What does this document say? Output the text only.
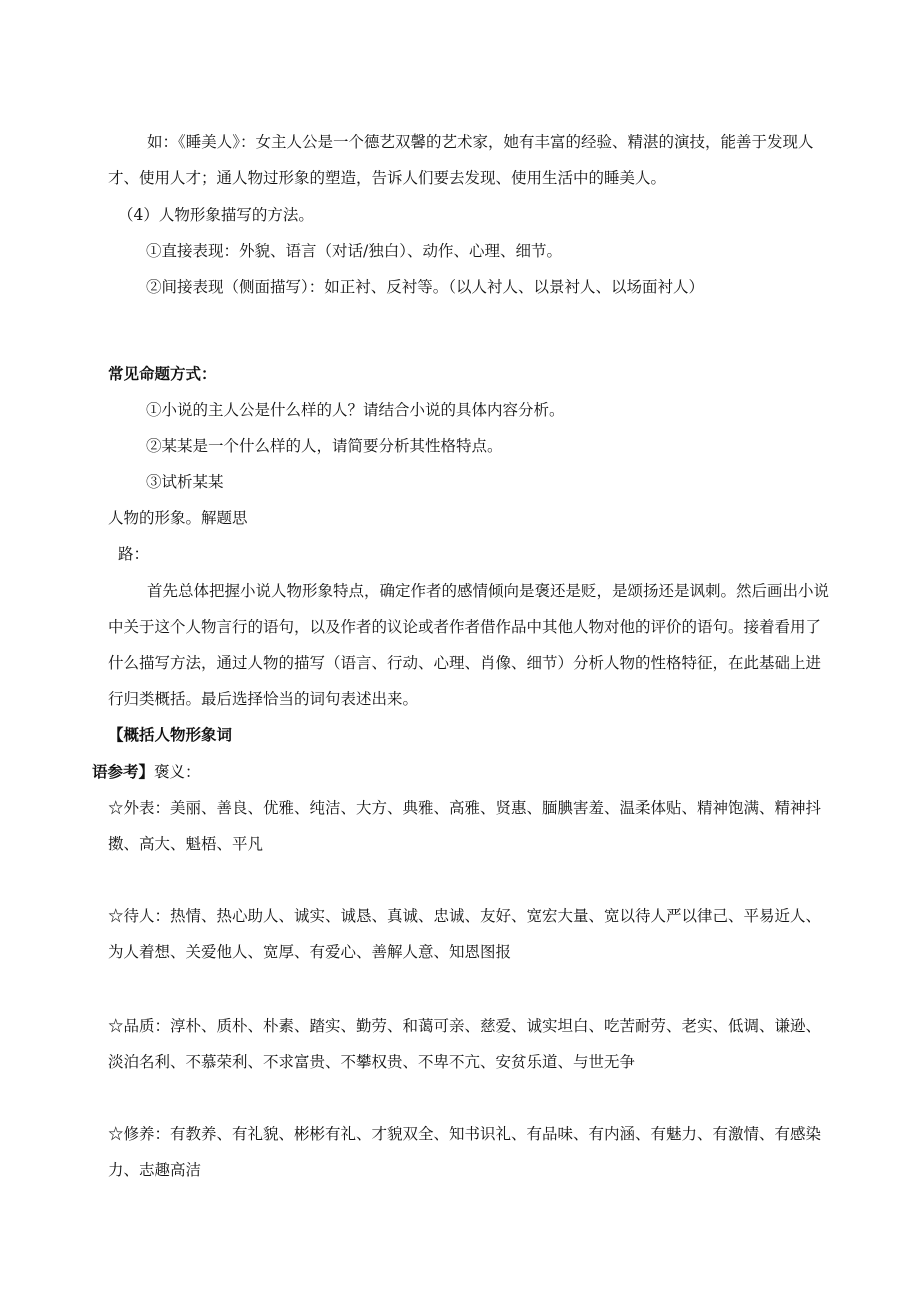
如：《睡美人》：女主人公是一个德艺双馨的艺术家，她有丰富的经验、精湛的演技，能善于发现人
才、使用人才；通人物过形象的塑造，告诉人们要去发现、使用生活中的睡美人。
（4）人物形象描写的方法。
①直接表现：外貌、语言（对话/独白）、动作、心理、细节。
②间接表现（侧面描写）：如正衬、反衬等。（以人衬人、以景衬人、以场面衬人）
常见命题方式：
①小说的主人公是什么样的人？请结合小说的具体内容分析。
②某某是一个什么样的人，请简要分析其性格特点。
③试析某某
人物的形象。解题思
路：
首先总体把握小说人物形象特点，确定作者的感情倾向是褒还是贬，是颂扬还是讽刺。然后画出小说
中关于这个人物言行的语句，以及作者的议论或者作者借作品中其他人物对他的评价的语句。接着看用了
什么描写方法，通过人物的描写（语言、行动、心理、肖像、细节）分析人物的性格特征，在此基础上进
行归类概括。最后选择恰当的词句表述出来。
【概括人物形象词
语参考】褒义：
☆外表：美丽、善良、优雅、纯洁、大方、典雅、高雅、贤惠、腼腆害羞、温柔体贴、精神饱满、精神抖
擞、高大、魁梧、平凡
☆待人：热情、热心助人、诚实、诚恳、真诚、忠诚、友好、宽宏大量、宽以待人严以律己、平易近人、
为人着想、关爱他人、宽厚、有爱心、善解人意、知恩图报
☆品质：淳朴、质朴、朴素、踏实、勤劳、和蔼可亲、慈爱、诚实坦白、吃苦耐劳、老实、低调、谦逊、
淡泊名利、不慕荣利、不求富贵、不攀权贵、不卑不亢、安贫乐道、与世无争
☆修养：有教养、有礼貌、彬彬有礼、才貌双全、知书识礼、有品味、有内涵、有魅力、有激情、有感染
力、志趣高洁
